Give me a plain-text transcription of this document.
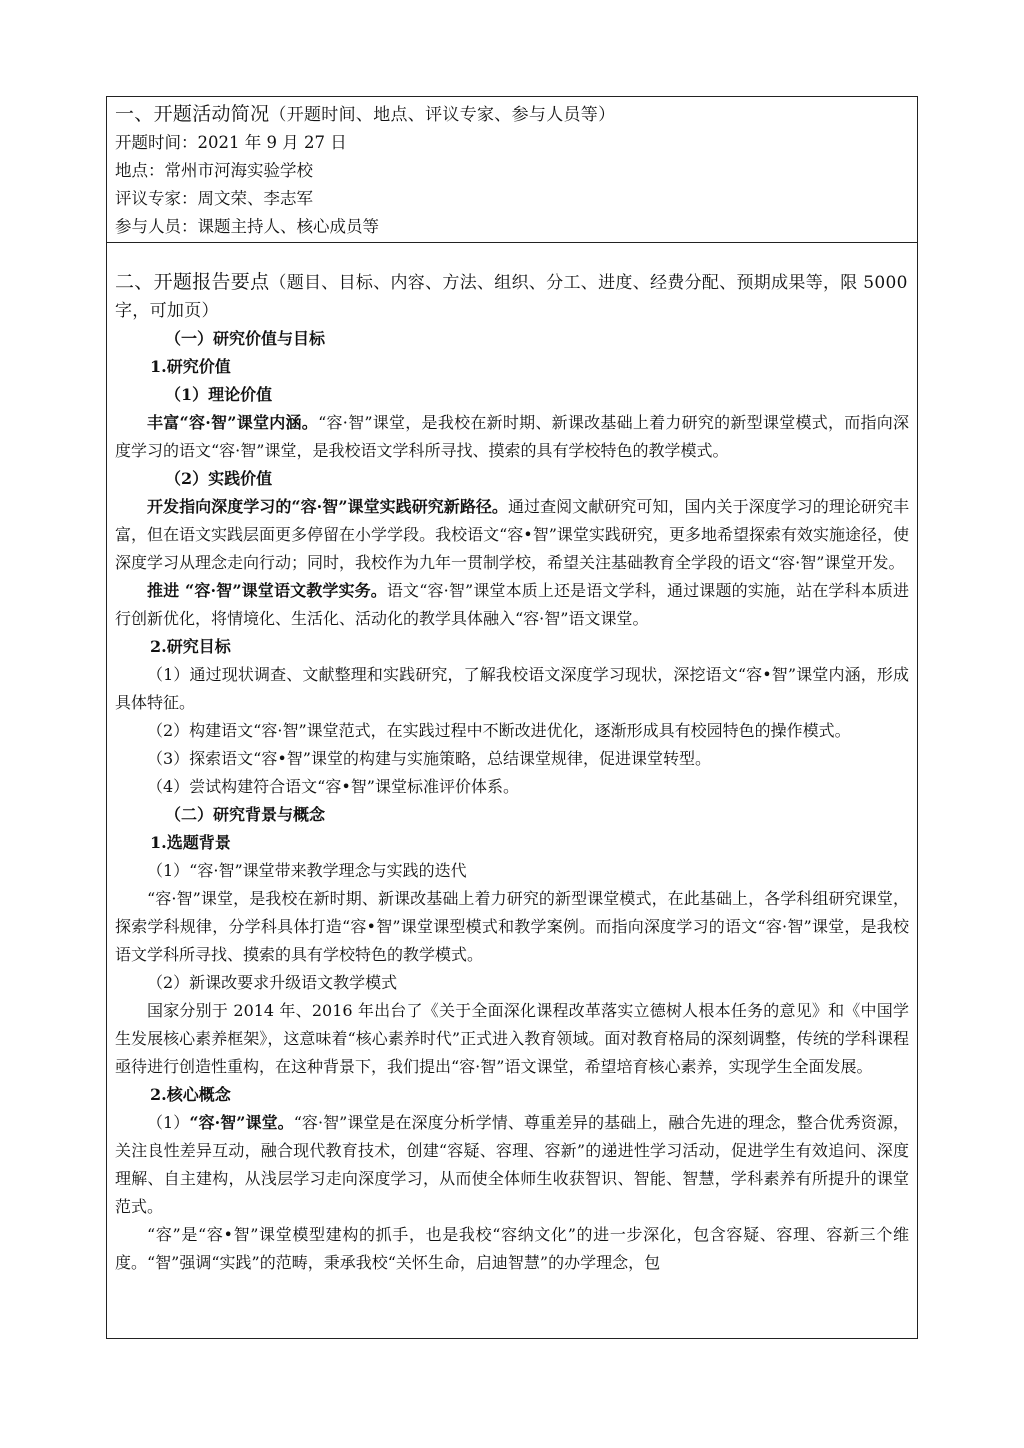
一、开题活动简况（开题时间、地点、评议专家、参与人员等）
开题时间：2021 年 9 月 27 日
地点：常州市河海实验学校
评议专家：周文荣、李志军
参与人员：课题主持人、核心成员等
二、开题报告要点（题目、目标、内容、方法、组织、分工、进度、经费分配、预期成果等，限 5000 字，可加页）

（一）研究价值与目标

1.研究价值

（1）理论价值

丰富“容·智”课堂内涵。“容·智”课堂，是我校在新时期、新课改基础上着力研究的新型课堂模式，而指向深度学习的语文“容·智”课堂，是我校语文学科所寻找、摸索的具有学校特色的教学模式。

（2）实践价值

开发指向深度学习的“容·智”课堂实践研究新路径。通过查阅文献研究可知，国内关于深度学习的理论研究丰富，但在语文实践层面更多停留在小学学段。我校语文“容•智”课堂实践研究，更多地希望探索有效实施途径，使深度学习从理念走向行动；同时，我校作为九年一贯制学校，希望关注基础教育全学段的语文“容·智”课堂开发。

推进 “容·智”课堂语文教学实务。语文“容·智”课堂本质上还是语文学科，通过课题的实施，站在学科本质进行创新优化，将情境化、生活化、活动化的教学具体融入“容·智”语文课堂。

2.研究目标

（1）通过现状调查、文献整理和实践研究，了解我校语文深度学习现状，深挖语文“容•智”课堂内涵，形成具体特征。

（2）构建语文“容·智”课堂范式，在实践过程中不断改进优化，逐渐形成具有校园特色的操作模式。

（3）探索语文“容•智”课堂的构建与实施策略，总结课堂规律，促进课堂转型。

（4）尝试构建符合语文“容•智”课堂标准评价体系。

（二）研究背景与概念

1.选题背景

（1）“容·智”课堂带来教学理念与实践的迭代

“容·智”课堂，是我校在新时期、新课改基础上着力研究的新型课堂模式，在此基础上，各学科组研究课堂，探索学科规律，分学科具体打造“容•智”课堂课型模式和教学案例。而指向深度学习的语文“容·智”课堂，是我校语文学科所寻找、摸索的具有学校特色的教学模式。

（2）新课改要求升级语文教学模式

国家分别于 2014 年、2016 年出台了《关于全面深化课程改革落实立德树人根本任务的意见》和《中国学生发展核心素养框架》，这意味着“核心素养时代”正式进入教育领域。面对教育格局的深刻调整，传统的学科课程亟待进行创造性重构，在这种背景下，我们提出“容·智”语文课堂，希望培育核心素养，实现学生全面发展。

2.核心概念

（1）“容·智”课堂。“容·智”课堂是在深度分析学情、尊重差异的基础上，融合先进的理念，整合优秀资源，关注良性差异互动，融合现代教育技术，创建“容疑、容理、容新”的递进性学习活动，促进学生有效追问、深度理解、自主建构，从浅层学习走向深度学习，从而使全体师生收获智识、智能、智慧，学科素养有所提升的课堂范式。

“容”是“容•智”课堂模型建构的抓手，也是我校“容纳文化”的进一步深化，包含容疑、容理、容新三个维度。“智”强调“实践”的范畴，秉承我校“关怀生命，启迪智慧”的办学理念，包
